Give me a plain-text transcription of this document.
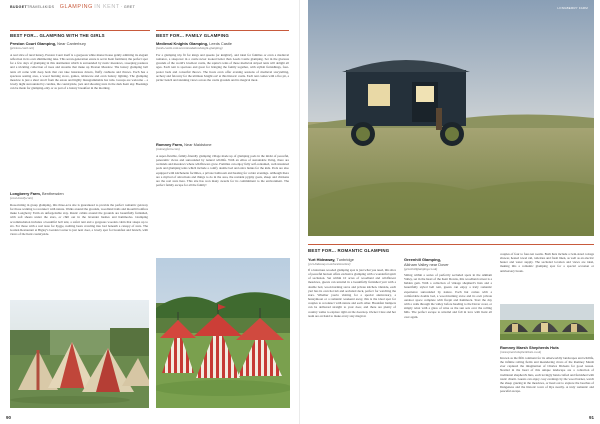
BUDGETTRAVEL4KIDS GLAMPING IN KENT · GRET
BEST FOR... GLAMPING WITH THE GIRLS
Preston Court Glamping, Near Canterbury
(preston-court.net)
A real slice of rural luxury, Preston Court itself is a gorgeous white manor house gently admiring its elegant reflection in its own shimmering lake. This seven-generation estate is set in Kent farmland, the perfect spot for a few days of glamping in this destination which is surrounded by rustic meadows, sweeping pastures and a trickling collection of trees and streams that make up Preston Meadow. The luxury glamping bell tents all come with deep beds that can take luxurious duvets, fluffy cushions and throws. Each has a spacious seating area, a wood burning stove, games, tableware and even battery lighting. The glamping meadow is just a short stroll from the estate and highly Instagrammable hot tubs. Groups are welcome – a lovely night surrounded by candles, the countryside, jazz and shooting stars in the dark Kent sky. Bookings can be made for glamping-only or as part of a luxury breakfast in the morning.
Longberry Farm, Benthewden
(cool-mostly.com)
Rose-tinting in group glamping, this three-acre site is guaranteed to provide the perfect romantic getaway for those wanting to reconnect with nature. Walks around the grounds, woodland trails and moonlit bonfires make Longberry Farm an unforgettable stay. Rustic cabins around the grounds are beautifully furnished, with soft sheets under the stars, or chill out in the lavender bushes and hammocks. Glamping accommodation includes a beautiful bell tent, a safari tent and a gorgeous wooden cabin that sleeps up to six. For those with a real taste for hygge, nothing beats crawling into bed beneath a canopy of stars. The Garden Restaurant at Bigley's Garden Corner is just next door, a lovely spot for breakfast and brunch, with views of the Kent countryside.
BEST FOR... FAMILY GLAMPING
Medieval Knights Glamping, Leeds Castle
(leeds-castle.com/accommodation/knight-glamping)
For a glamping trip fit for kings and queens (or knights!), and ideal for families or even a medieval romance, a sleepover in a castle never looked better than Leeds Castle glamping. Set in the glorious grounds of the world's loveliest castle, the squire's tents of these medieval striped tents will delight all ages. Each tent is spacious and great for bringing the family together, with stylish furnishings, four-poster beds and colourful throws. The hosts even offer evening sessions of medieval storytelling, archery and falconry for the ultimate 'knight out' at this historic castle. Each tent comes with a fire pit, a picnic bench and stunning views across the castle grounds and its magical moat.
Romney Farm, Near Maidstone
(romneyfarm.com)
A super-flexible, family-friendly glamping village made up of glamping pods in the midst of peaceful, panoramic views and surrounded by natural wildlife. With an ethos of sustainable living, there are wetlands and meadows where wildflowers grow. Families can enjoy fully self-contained, well-insulated pods and glamping tents which include a comfy double bed and extra bunks for the kids. Pods are also equipped with kitchenette facilities, a private bathroom and heating for colder evenings. Although there are a myriad of attractions and things to do in the area, the resident pygmy goats, sheep and chickens are the real stars here. This site has won many awards for its commitment to the environment. The perfect family escape for all the family!
90
LONGBERRY FARM
BEST FOR... ROMANTIC GLAMPING
Yurt Hideaway, Tunbridge
(yurt-hideaway.co.uk/locations/kent)
If a luxurious wooded glamping spot is just what you need, this slice of peaceful heaven offers exclusive glamping with a wonderful spirit of seclusion. Set within 10 acres of woodland and wildflower meadows, guests can unwind in a beautifully furnished yurt with a double bed, wood-burning stove and private kitchen. Outside, each yurt has its own hot tub and secluded deck, perfect for watching the stars. Whether you're visiting for a special anniversary, a honeymoon or a romantic weekend away, this is the ideal spot for couples to reconnect with nature and each other. Breakfast hampers can be delivered straight to your door, and there are plenty of country walks to explore right on the doorstep. Owner Clare and her team are on hand to make every stay magical.
Greenhill Glamping,
Alkham Valley near Dover
(greenhillglamping.co.uk)
Sitting within a series of perfectly secluded spots in the Alkham Valley, set in the heart of the Kent Downs, this woodland retreat is a hidden gem. With a collection of vintage shepherd's huts and a beautifully styled bell tent, guests can enjoy a truly romantic experience surrounded by nature. Each hut comes with a comfortable double bed, a wood-burning stove and its own private outdoor space complete with firepit and hammock. Start the day with a walk through the valley before heading to the Dover coast, or simply relax with a glass of wine as the sun sets over the rolling hills. The perfect escape to unwind and fall in love with Kent all over again.
couples of four to four-ten rooms. Both huts include a twin-sized cottage shower, heated towel rail, toiletries and fresh linen, as well as an electric heater and water supply. The secluded location and views are ideal, making this a romantic glamping spot for a special occasion or anniversary break.
Romney Marsh Shepherds Huts
(romneymarshshepherdshuts.co.uk)
Known as the fifth continent for its otherworldly landscapes and wildlife, the infinite rolling fields and meandering rivers of the Romney Marsh ever captured the imagination of Charles Dickens for good reason. Nestled in the heart of this unique landscape are a collection of traditional shepherd's huts, each lovingly hand-crafted and furnished with rustic charm. Guests can enjoy cosy evenings by the wood burner, watch the sheep grazing in the meadows, or head out to explore the beaches of Dungeness and the historic town of Rye nearby. A truly romantic and peaceful escape.
91
